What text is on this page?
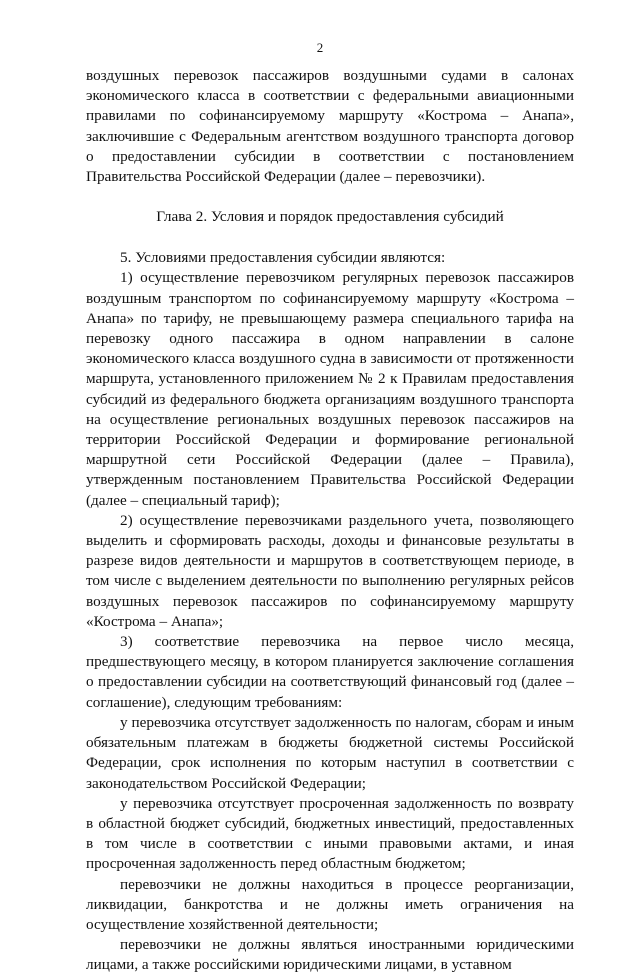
2

воздушных перевозок пассажиров воздушными судами в салонах экономического класса в соответствии с федеральными авиационными правилами по софинансируемому маршруту «Кострома – Анапа», заключившие с Федеральным агентством воздушного транспорта договор о предоставлении субсидии в соответствии с постановлением Правительства Российской Федерации (далее – перевозчики).

Глава 2. Условия и порядок предоставления субсидий

5. Условиями предоставления субсидии являются:

1) осуществление перевозчиком регулярных перевозок пассажиров воздушным транспортом по софинансируемому маршруту «Кострома – Анапа» по тарифу, не превышающему размера специального тарифа на перевозку одного пассажира в одном направлении в салоне экономического класса воздушного судна в зависимости от протяженности маршрута, установленного приложением № 2 к Правилам предоставления субсидий из федерального бюджета организациям воздушного транспорта на осуществление региональных воздушных перевозок пассажиров на территории Российской Федерации и формирование региональной маршрутной сети Российской Федерации (далее – Правила), утвержденным постановлением Правительства Российской Федерации (далее – специальный тариф);

2) осуществление перевозчиками раздельного учета, позволяющего выделить и сформировать расходы, доходы и финансовые результаты в разрезе видов деятельности и маршрутов в соответствующем периоде, в том числе с выделением деятельности по выполнению регулярных рейсов воздушных перевозок пассажиров по софинансируемому маршруту «Кострома – Анапа»;

3) соответствие перевозчика на первое число месяца, предшествующего месяцу, в котором планируется заключение соглашения о предоставлении субсидии на соответствующий финансовый год (далее – соглашение), следующим требованиям:

у перевозчика отсутствует задолженность по налогам, сборам и иным обязательным платежам в бюджеты бюджетной системы Российской Федерации, срок исполнения по которым наступил в соответствии с законодательством Российской Федерации;

у перевозчика отсутствует просроченная задолженность по возврату в областной бюджет субсидий, бюджетных инвестиций, предоставленных в том числе в соответствии с иными правовыми актами, и иная просроченная задолженность перед областным бюджетом;

перевозчики не должны находиться в процессе реорганизации, ликвидации, банкротства и не должны иметь ограничения на осуществление хозяйственной деятельности;

перевозчики не должны являться иностранными юридическими лицами, а также российскими юридическими лицами, в уставном
